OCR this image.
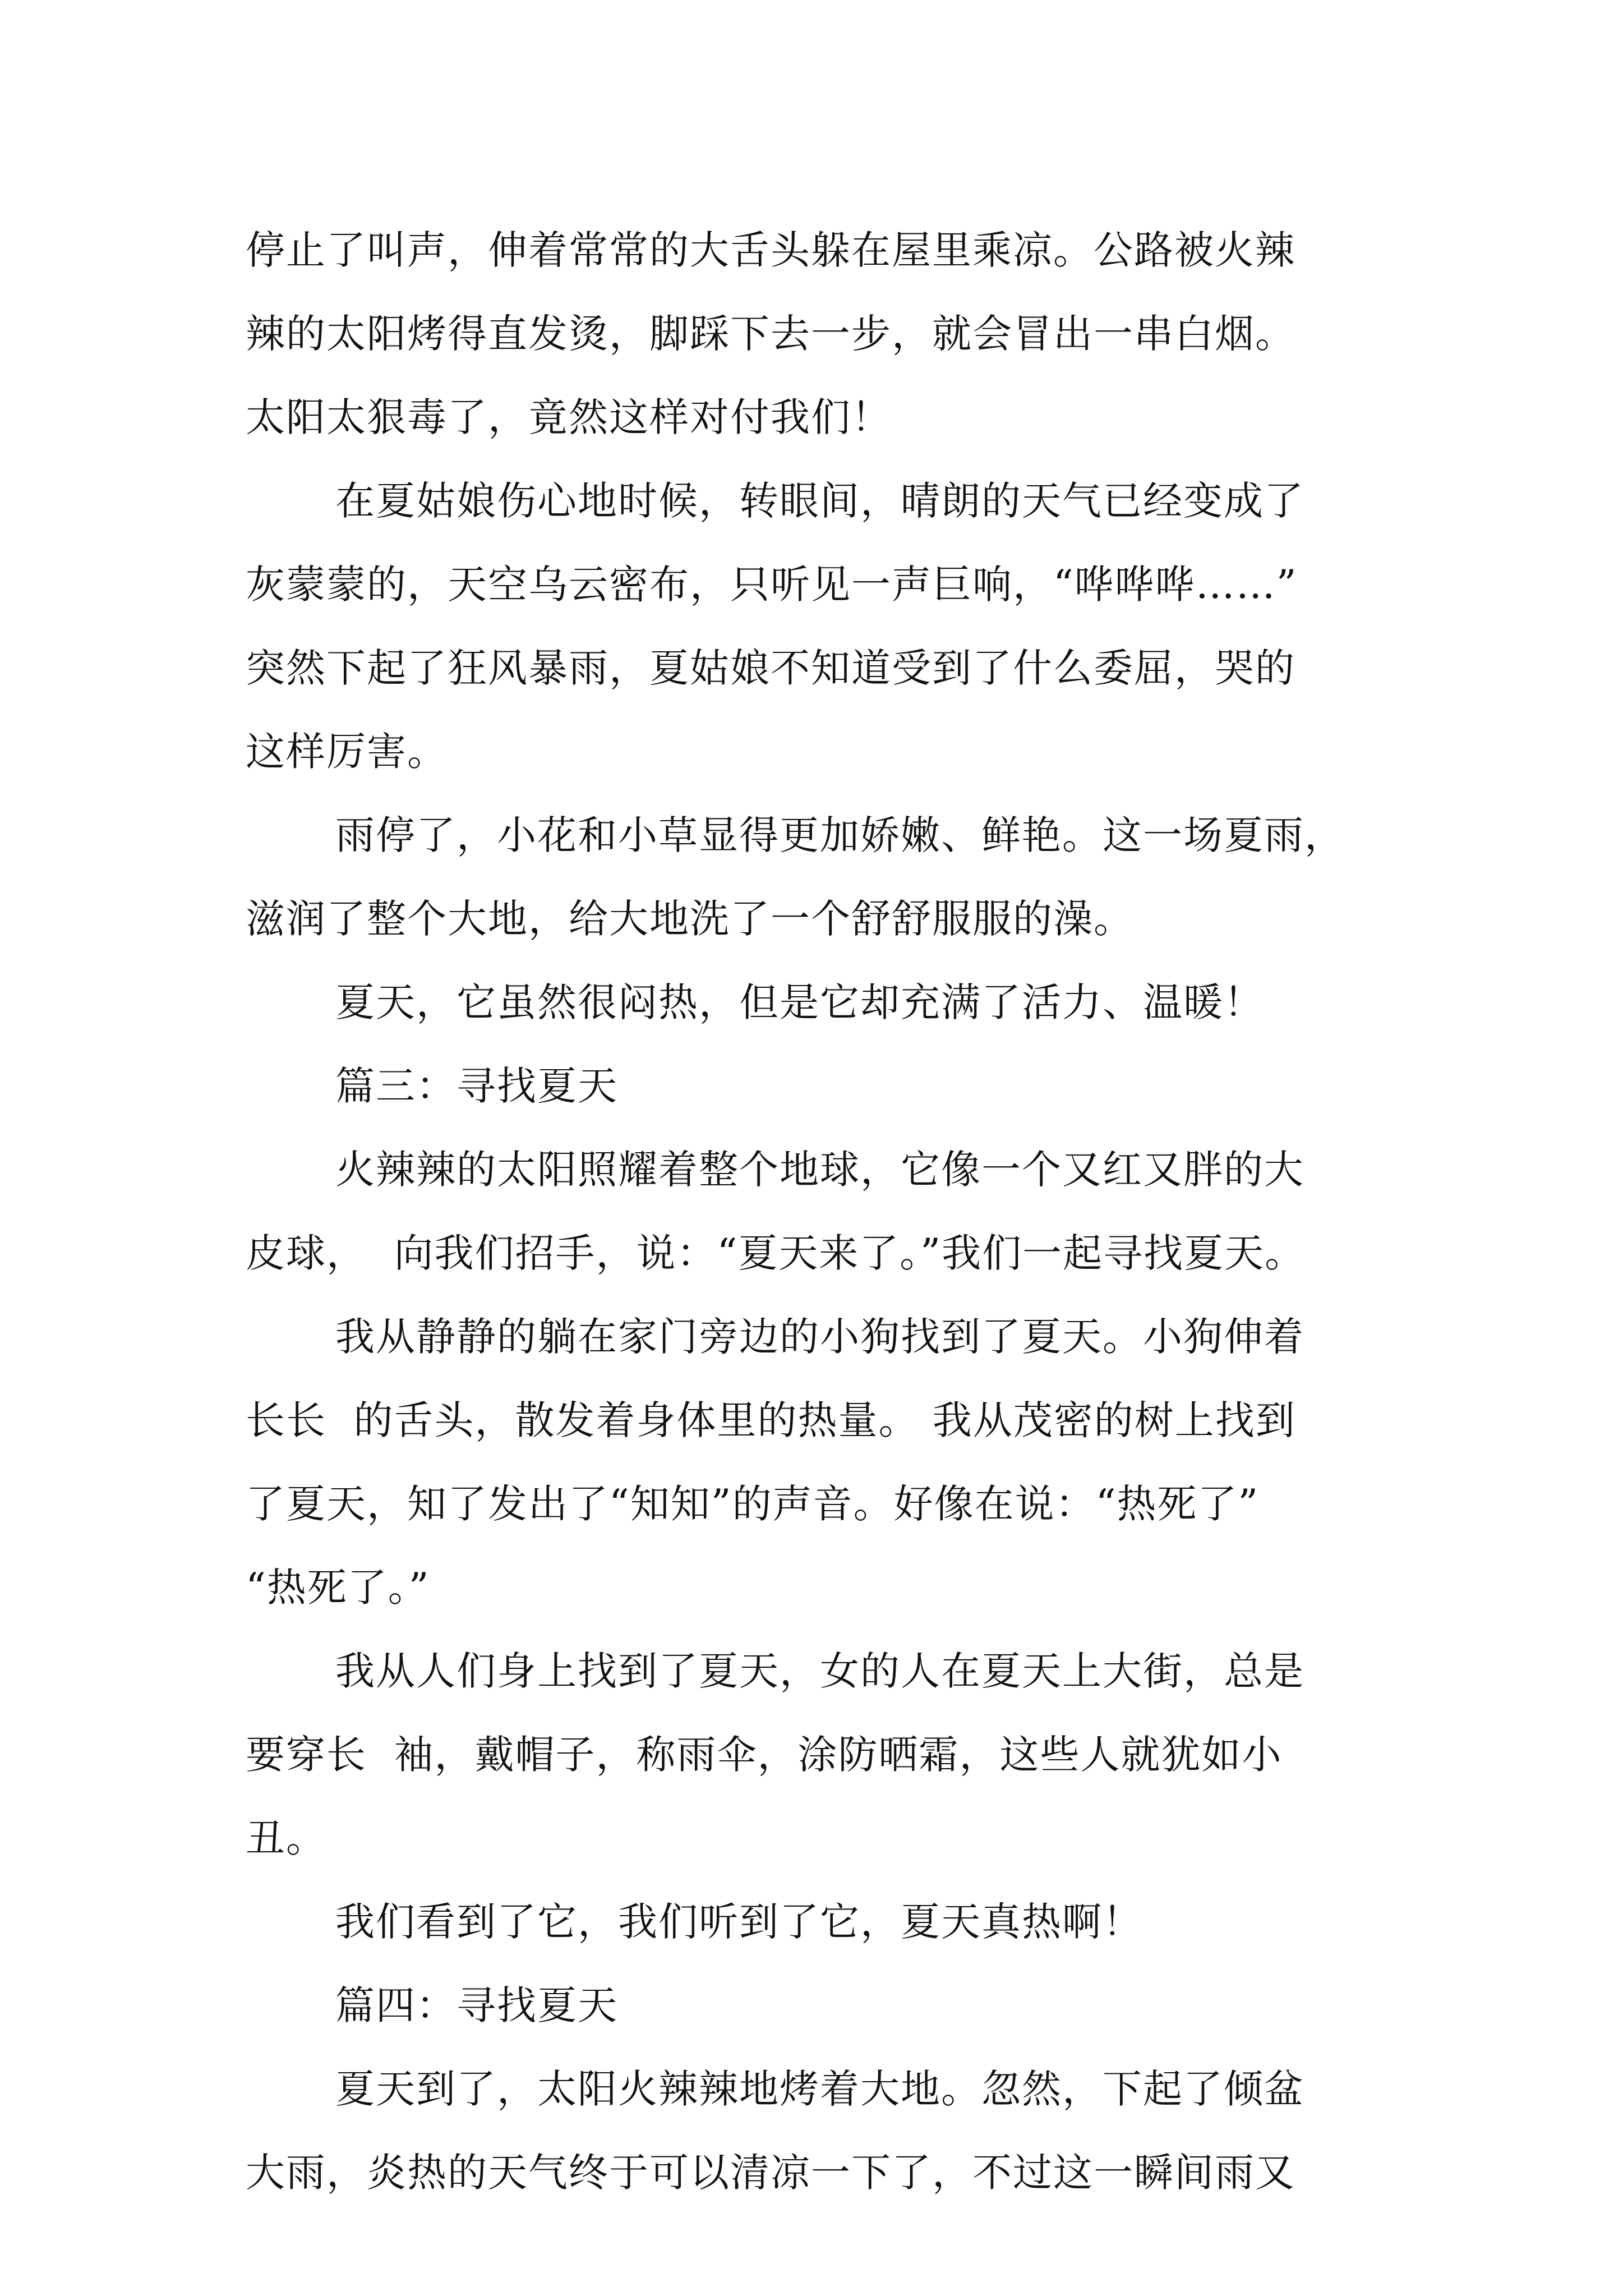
停止了叫声，伸着常常的大舌头躲在屋里乘凉。公路被火辣
辣的太阳烤得直发烫，脚踩下去一步，就会冒出一串白烟。
太阳太狠毒了，竟然这样对付我们！
在夏姑娘伤心地时候，转眼间，晴朗的天气已经变成了
灰蒙蒙的，天空乌云密布，只听见一声巨响，“哗哗哗……”
突然下起了狂风暴雨，夏姑娘不知道受到了什么委屈，哭的
这样厉害。
雨停了，小花和小草显得更加娇嫩、鲜艳。这一场夏雨，
滋润了整个大地，给大地洗了一个舒舒服服的澡。
夏天，它虽然很闷热，但是它却充满了活力、温暖！
篇三：寻找夏天
火辣辣的太阳照耀着整个地球，它像一个又红又胖的大
皮球，  向我们招手，说：“夏天来了。”我们一起寻找夏天。
我从静静的躺在家门旁边的小狗找到了夏天。小狗伸着
长长  的舌头，散发着身体里的热量。 我从茂密的树上找到
了夏天，知了发出了“知知”的声音。好像在说：“热死了”
“热死了。”
我从人们身上找到了夏天，女的人在夏天上大街，总是
要穿长  袖，戴帽子，称雨伞，涂防晒霜，这些人就犹如小
丑。
我们看到了它，我们听到了它，夏天真热啊！
篇四：寻找夏天
夏天到了，太阳火辣辣地烤着大地。忽然，下起了倾盆
大雨，炎热的天气终于可以清凉一下了，不过这一瞬间雨又
